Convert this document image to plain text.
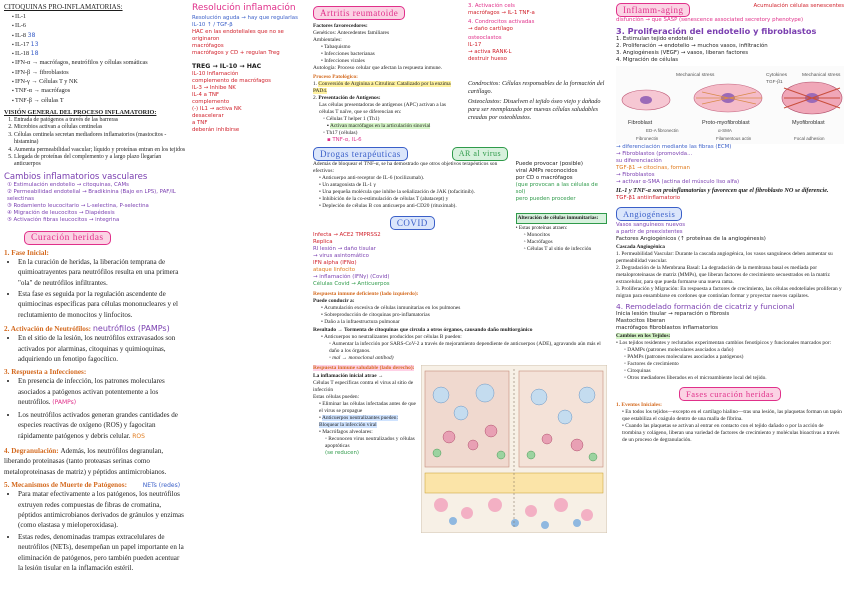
CITOQUINAS PRO-INFLAMATORIAS:
▪ IL-1
▪ IL-6
▪ IL-8 38
▪ IL-17 13
▪ IL-18 18
▪ IFN-α → macrófagos, neutrófilos y células somáticas
▪ IFN-β → fibroblastos
▪ IFN-γ → Células T y NK
▪ TNF-α → macrófagos
▪ TNF-β → células T
VISIÓN GENERAL DEL PROCESO INFLAMATORIO:
1. Entrada de patógenos a través de las barreras
2. Microbios activan a células centinelas
3. Células centinela secretan mediadores inflamatorios (mastocitos - histamina)
4. Aumenta permeabilidad vascular; líquido y proteínas entran en los tejidos
5. Llegada de proteínas del complemento y a largo plazo llegarían anticuerpos
Cambios inflamatorios vasculares
① Estimulación endotelio → citoquinas, CAMs
② Permeabilidad endotelial → Bradikinina (Bajo en LPS), PAF/IL selectinas
③ Rodamiento leucocitario → L-selectina, P-selectina
④ Migración de leucocitos → Diapédesis
⑤ Activación fibras leucocitos → integrina
Curación heridas
1. Fase Inicial:
• En la curación de heridas, la liberación temprana de quimioatrayentes para neutrófilos resulta en una primera "ola" de neutrófilos infiltrantes.
• Esta fase es seguida por la regulación ascendente de quimiocinas específicas para células mononucleares y el reclutamiento de monocitos y linfocitos.
2. Activación de Neutrófilos: neutrófilos (PAMPs)
• En el sitio de la lesión, los neutrófilos extravasados son activados por alarminas, citoquinas y quimioquinas, adquiriendo un fenotipo fagocítico.
3. Respuesta a Infecciones:
• En presencia de infección, los patrones moleculares asociados a patógenos activan potentemente a los neutrófilos. (PAMPs)
• Los neutrófilos activados generan grandes cantidades de especies reactivas de oxígeno (ROS) y fagocitan rápidamente patógenos y debris celular. ROS
4. Degranulación: Además, los neutrófilos degranulan, liberando proteinasas (tanto proteasas serinas como metaloproteinasas de matriz) y péptidos antimicrobianos.
5. Mecanismos de Muerte de Patógenos:	NETs (redes)
• Para matar efectivamente a los patógenos, los neutrófilos extruyen redes compuestas de fibras de cromatina, péptidos antimicrobianos derivados de gránulos y enzimas (como elastasa y mieloperoxidasa).
• Estas redes, denominadas trampas extracelulares de neutrófilos (NETs), desempeñan un papel importante en la eliminación de patógenos, pero también pueden acentuar la lesión tisular en la inflamación estéril.
Resolución inflamación
Resolución aguda → hay que regularlas
IL-10 ↑ / TGF-β
HAC en las endoteliales que no se originaron
macrófagos
macrófagos y CD + regulan Treg
TREG → IL-10 → HAC
IL-10 Inflamación
complemento de macrófagos
IL-3 → Inhibe NK
IL-4 a TNF
complemento
(-) IL1 → activa NK
desacelerar
a TNF
deberán inhibirse
Artritis reumatoide
Factores favorecedores:
Genéticos: Antecedentes familiares
Ambientales:
• Tabaquismo
• Infecciones bacterianas
• Infecciones virales
Autología: Proceso celular que afectan la respuesta inmune.
3. Activación cels
macrófagos → IL-1 TNF-a
4. Condrocitos activadas
→ daño cartílago
osteoclastos
IL-17
→ activa RANK-L
destruir hueso
Proceso Patológico:
1. Conversión de Arginina a Citrulina: Catalizado por la enzima PAD4.
2. Presentación de Antígenos:
Las células presentadoras de antígenos (APC) activan a las células T naïve, que se diferencian en:
◦ Células T helper 1 (Th1)
▪ Activan macrófagos en la articulación sinovial
◦ Th17 (células)
▪ TNF-α, IL-6
Condrocitos: Células responsables de la formación del cartílago.
Osteoclastos: Disuelven el tejido óseo viejo y dañado para ser reemplazado por nuevas células saludables creadas por osteoblastos.
Drogas terapéuticas	AR al virus
Además de bloquear el TNF-α, se ha demostrado que otros objetivos terapéuticos son efectivos:
• Anticuerpo anti-receptor de IL-6 (tocilizumab).
• Un antagonista de IL-1 γ
• Una pequeña molécula que inhibe la señalización de JAK (tofacitinib).
• Inhibición de la co-estimulación de células T (abatacept) y
• Depleción de células B con anticuerpo anti-CD20 (rituximab).
Puede provocar (posible)
viral AMPs reconocidos
por CD o macrófagos
(que provocan a las células de sol)
pero pueden proceder
COVID
Infecta → ACE2 TMPRSS2
Replica
RI lesión → daño tisular
→ virus asintomático
IFN alpha (IFNα)
ataque linfocito
→ inflamación (IFNγ) (Covid)
Células Covid → Anticuerpos
Alteración de células inmunitarias:
• Estas proteínas atraen:
◦ Monocitos
◦ Macrófagos
◦ Células T al sitio de infección
Respuesta inmune deficiente (lado izquierdo):
Puede conducir a:
• Acumulación excesiva de células inmunitarias en los pulmones
• Sobreproducción de citoquinas pro-inflamatorias
• Daño a la infraestructura pulmonar
Resultado → Tormenta de citoquinas que circula a otros órganos, causando daño multiorgánico
• Anticuerpos no neutralizantes producidos por células B pueden:
◦ Aumentar la infección por SARS-CoV-2 a través de mejoramiento dependiente de anticuerpos (ADE), agravando aún más el daño a los órganos.
◦ mal → monoclonal antibod)
Respuesta inmune saludable (lado derecho):
La inflamación inicial atrae →
Células T específicas contra el virus al sitio de infección
Estas células pueden:
• Eliminar las células infectadas antes de que el virus se propague
• Anticuerpos neutralizantes pueden: Bloquear la infección viral
• Macrófagos alveolares:
◦ Reconocen virus neutralizados y células apoptóticas
(se reducen)
Inflamm-aging	Acumulación células senescentes
disfunción → que SASP (senescence associated secretory phenotype)
3. Proliferación del endotelio y fibroblastos
1. Estimulan tejido endotelio
2. Proliferación → endotelio → muchos vasos, infiltración
3. Angiogénesis (VEGF) → vasos, liberan factores
4. Migración de células
Fibroblast	Proto-myofibroblast	Myofibroblast
Mechanical stress	Cytokines
TGF-β1
ED-A fibronectin	α-SMA
Fibronectin	Filamentous actin	Focal adhesion
Mechanical stress
→ diferenciación mediante las fibras (ECM)
→ Fibroblastos (promovida...
su diferenciación
TGF-β1 → citocinas, forman
→ Fibroblastos
→ activar α-SMA (actina del músculo liso alfa)
IL-1 y TNF-α son proinflamatorias y favorecen que el fibroblasto NO se diferencie.
TGF-β1 antiinflamatorio
Angiogénesis
Vasos sanguíneos nuevos
a partir de preexistentes
Factores Angiogénicos (↑ proteínas de la angiogénesis)
Cascada Angiogénica
1. Permeabilidad Vascular: Durante la cascada angiogénica, los vasos sanguíneos deben aumentar su permeabilidad vascular.
2. Degradación de la Membrana Basal: La degradación de la membrana basal es mediada por metaloproteinasas de matriz (MMPs), que liberan factores de crecimiento secuestrados en la matriz extracelular, para que pueda formarse una nueva rama.
3. Proliferación y Migración: En respuesta a factores de crecimiento, las células endoteliales proliferan y migran para ensamblarse en cordones que continúan formar y proyectar nuevos capilares.
4. Remodelado formación de cicatriz y funcional
Inicia lesión tisular → reparación o fibrosis
Mastocitos liberan
macrófagos fibroblastos inflamatorios
Cambios en los Tejidos:
• Los tejidos residentes y reclutados experimentan cambios fenotípicos y funcionales marcados por:
◦ DAMPs (patrones moleculares asociados a daño)
◦ PAMPs (patrones moleculares asociados a patógenos)
◦ Factores de crecimiento
◦ Citoquinas
◦ Otros mediadores liberados en el microambiente local del tejido.
Fases curación heridas
1. Eventos Iniciales:
• En todos los tejidos—excepto en el cartílago hialino—tras una lesión, las plaquetas forman un tapón que estabiliza el coágulo dentro de una malla de fibrina.
• Cuando las plaquetas se activan al entrar en contacto con el tejido dañado o por la acción de trombina y colágeno, liberan una variedad de factores de crecimiento y moléculas bioactivas a través de un proceso de degranulación.
